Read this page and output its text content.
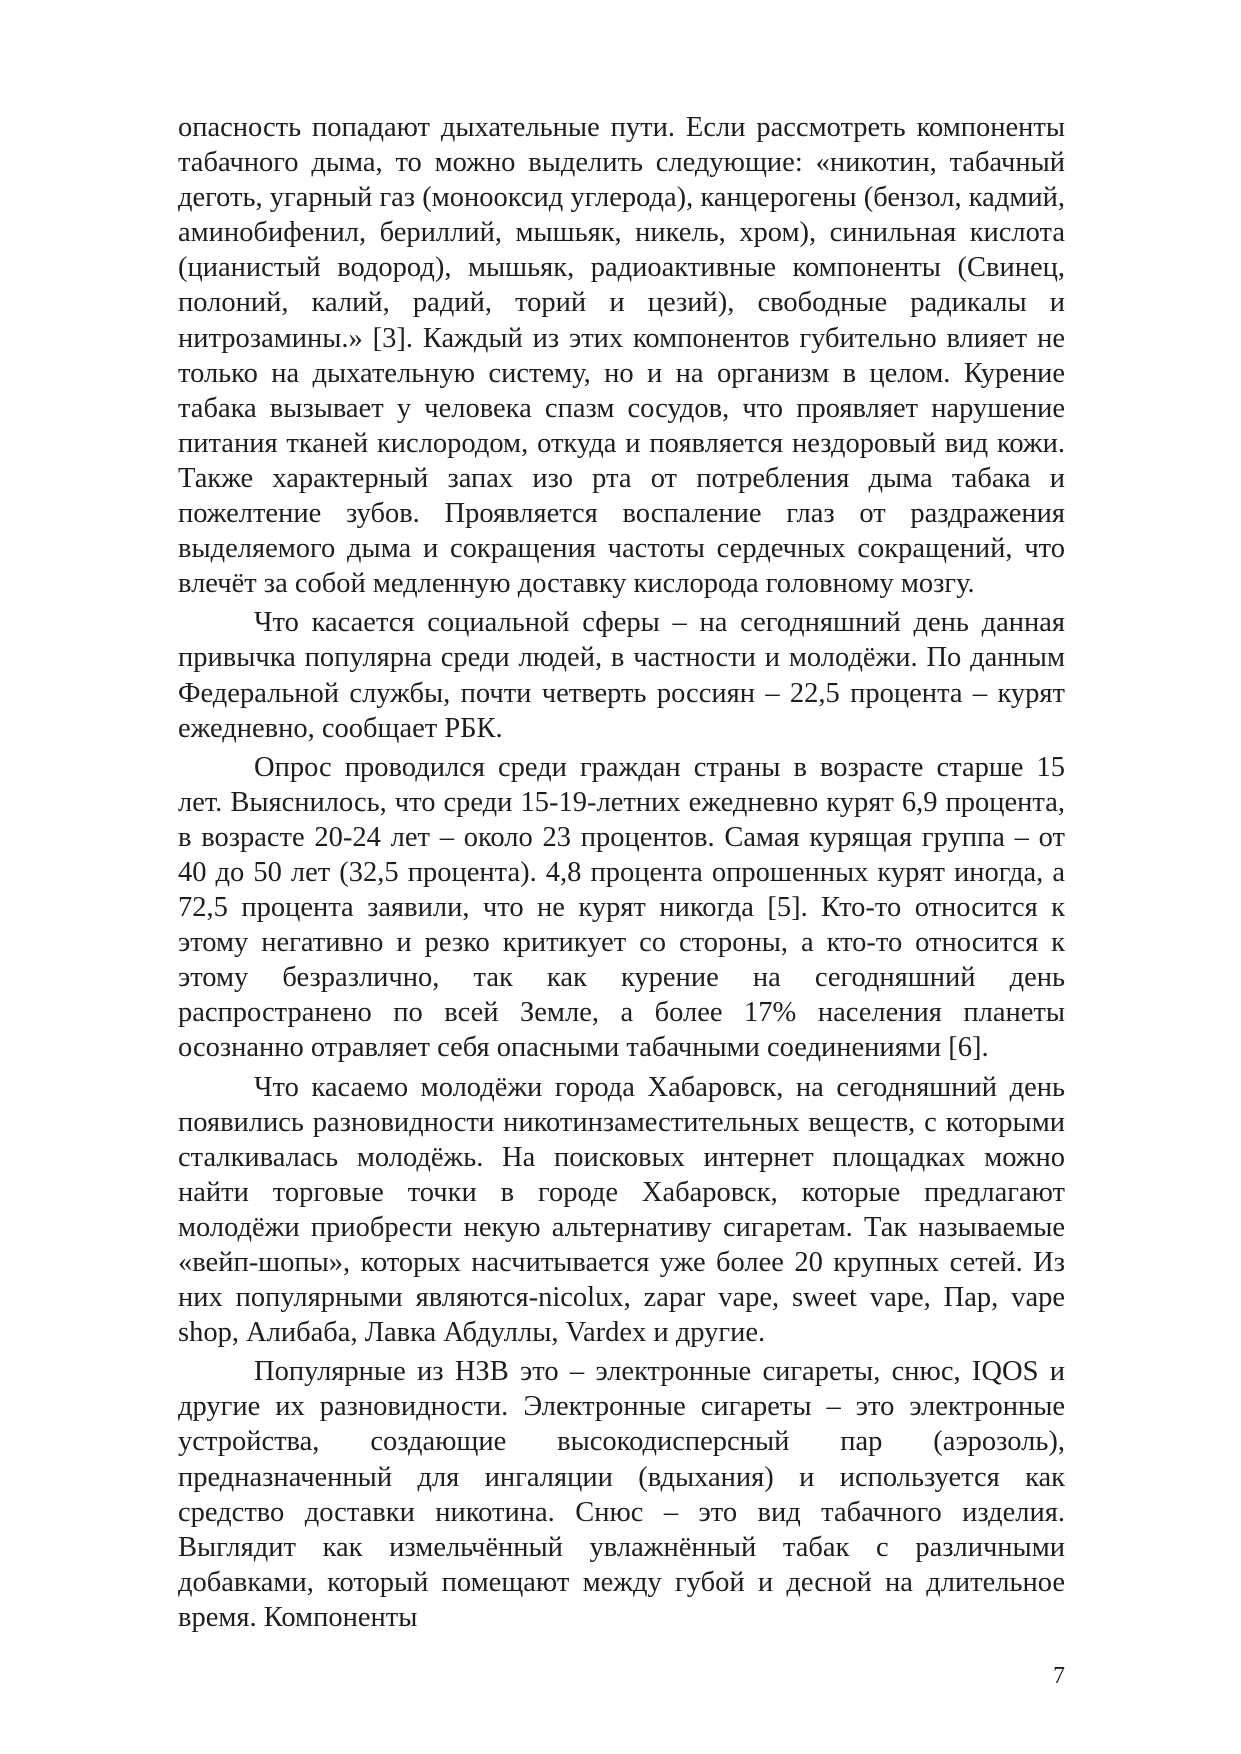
опасность попадают дыхательные пути. Если рассмотреть компоненты табачного дыма, то можно выделить следующие: «никотин, табачный деготь, угарный газ (монооксид углерода), канцерогены (бензол, кадмий, аминобифенил, бериллий, мышьяк, никель, хром), синильная кислота (цианистый водород), мышьяк, радиоактивные компоненты (Свинец, полоний, калий, радий, торий и цезий), свободные радикалы и нитрозамины.» [3]. Каждый из этих компонентов губительно влияет не только на дыхательную систему, но и на организм в целом. Курение табака вызывает у человека спазм сосудов, что проявляет нарушение питания тканей кислородом, откуда и появляется нездоровый вид кожи. Также характерный запах изо рта от потребления дыма табака и пожелтение зубов. Проявляется воспаление глаз от раздражения выделяемого дыма и сокращения частоты сердечных сокращений, что влечёт за собой медленную доставку кислорода головному мозгу.

Что касается социальной сферы – на сегодняшний день данная привычка популярна среди людей, в частности и молодёжи. По данным Федеральной службы, почти четверть россиян – 22,5 процента – курят ежедневно, сообщает РБК.

Опрос проводился среди граждан страны в возрасте старше 15 лет. Выяснилось, что среди 15-19-летних ежедневно курят 6,9 процента, в возрасте 20-24 лет – около 23 процентов. Самая курящая группа – от 40 до 50 лет (32,5 процента). 4,8 процента опрошенных курят иногда, а 72,5 процента заявили, что не курят никогда [5]. Кто-то относится к этому негативно и резко критикует со стороны, а кто-то относится к этому безразлично, так как курение на сегодняшний день распространено по всей Земле, а более 17% населения планеты осознанно отравляет себя опасными табачными соединениями [6].

Что касаемо молодёжи города Хабаровск, на сегодняшний день появились разновидности никотинзаместительных веществ, с которыми сталкивалась молодёжь. На поисковых интернет площадках можно найти торговые точки в городе Хабаровск, которые предлагают молодёжи приобрести некую альтернативу сигаретам. Так называемые «вейп-шопы», которых насчитывается уже более 20 крупных сетей. Из них популярными являются-nicolux, zapar vape, sweet vape, Пар, vape shop, Алибаба, Лавка Абдуллы, Vardex и другие.

Популярные из НЗВ это – электронные сигареты, снюс, IQOS и другие их разновидности. Электронные сигареты – это электронные устройства, создающие высокодисперсный пар (аэрозоль), предназначенный для ингаляции (вдыхания) и используется как средство доставки никотина. Снюс – это вид табачного изделия. Выглядит как измельчённый увлажнённый табак с различными добавками, который помещают между губой и десной на длительное время. Компоненты

7
